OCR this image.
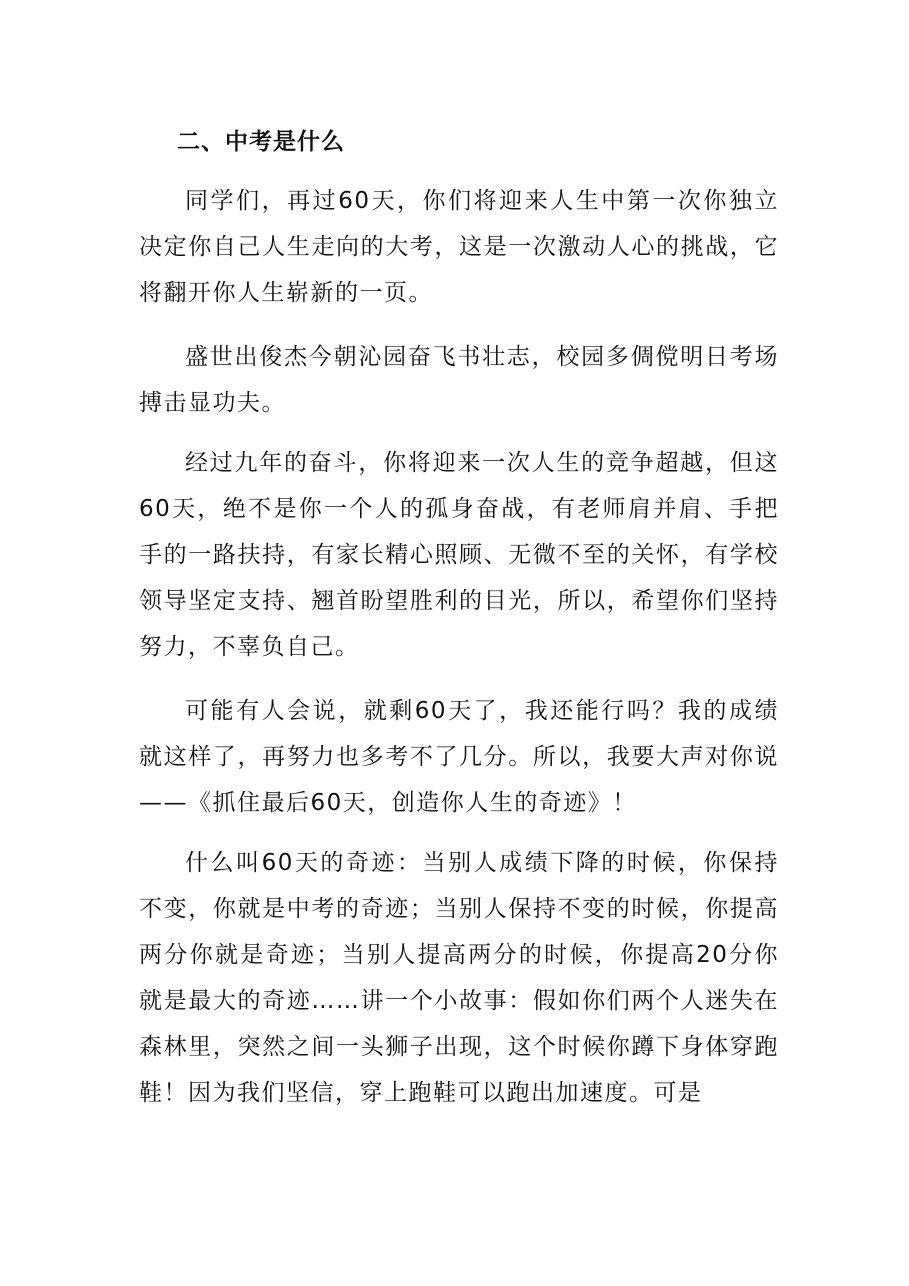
二、中考是什么

同学们，再过60天，你们将迎来人生中第一次你独立决定你自己人生走向的大考，这是一次激动人心的挑战，它将翻开你人生崭新的一页。

盛世出俊杰今朝沁园奋飞书壮志，校园多倜傥明日考场搏击显功夫。

经过九年的奋斗，你将迎来一次人生的竞争超越，但这60天，绝不是你一个人的孤身奋战，有老师肩并肩、手把手的一路扶持，有家长精心照顾、无微不至的关怀，有学校领导坚定支持、翘首盼望胜利的目光，所以，希望你们坚持努力，不辜负自己。

可能有人会说，就剩60天了，我还能行吗？我的成绩就这样了，再努力也多考不了几分。所以，我要大声对你说——《抓住最后60天，创造你人生的奇迹》！

什么叫60天的奇迹：当别人成绩下降的时候，你保持不变，你就是中考的奇迹；当别人保持不变的时候，你提高两分你就是奇迹；当别人提高两分的时候，你提高20分你就是最大的奇迹……讲一个小故事：假如你们两个人迷失在森林里，突然之间一头狮子出现，这个时候你蹲下身体穿跑鞋！因为我们坚信，穿上跑鞋可以跑出加速度。可是
